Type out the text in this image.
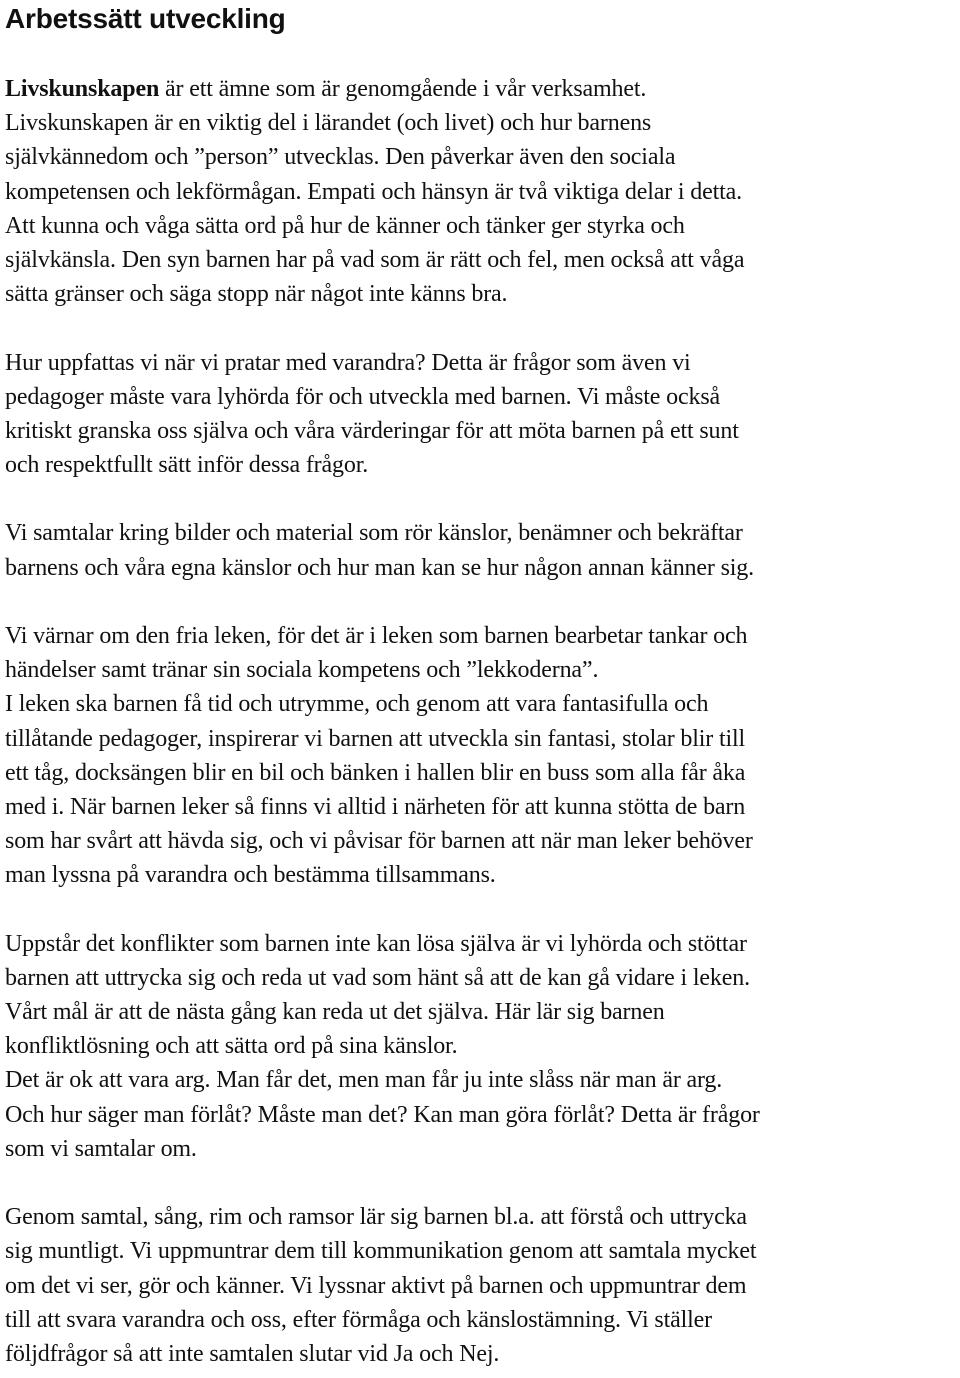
Arbetssätt utveckling
Livskunskapen är ett ämne som är genomgående i vår verksamhet.
Livskunskapen är en viktig del i lärandet (och livet) och hur barnens
självkännedom och ”person” utvecklas. Den påverkar även den sociala
kompetensen och lekförmågan. Empati och hänsyn är två viktiga delar i detta.
Att kunna och våga sätta ord på hur de känner och tänker ger styrka och
självkänsla. Den syn barnen har på vad som är rätt och fel, men också att våga
sätta gränser och säga stopp när något inte känns bra.
Hur uppfattas vi när vi pratar med varandra? Detta är frågor som även vi
pedagoger måste vara lyhörda för och utveckla med barnen. Vi måste också
kritiskt granska oss själva och våra värderingar för att möta barnen på ett sunt
och respektfullt sätt inför dessa frågor.
Vi samtalar kring bilder och material som rör känslor, benämner och bekräftar
barnens och våra egna känslor och hur man kan se hur någon annan känner sig.
Vi värnar om den fria leken, för det är i leken som barnen bearbetar tankar och
händelser samt tränar sin sociala kompetens och ”lekkoderna”.
I leken ska barnen få tid och utrymme, och genom att vara fantasifulla och
tillåtande pedagoger, inspirerar vi barnen att utveckla sin fantasi, stolar blir till
ett tåg, docksängen blir en bil och bänken i hallen blir en buss som alla får åka
med i. När barnen leker så finns vi alltid i närheten för att kunna stötta de barn
som har svårt att hävda sig, och vi påvisar för barnen att när man leker behöver
man lyssna på varandra och bestämma tillsammans.
Uppstår det konflikter som barnen inte kan lösa själva är vi lyhörda och stöttar
barnen att uttrycka sig och reda ut vad som hänt så att de kan gå vidare i leken.
Vårt mål är att de nästa gång kan reda ut det själva. Här lär sig barnen
konfliktlösning och att sätta ord på sina känslor.
Det är ok att vara arg. Man får det, men man får ju inte slåss när man är arg.
Och hur säger man förlåt? Måste man det? Kan man göra förlåt? Detta är frågor
som vi samtalar om.
Genom samtal, sång, rim och ramsor lär sig barnen bl.a. att förstå och uttrycka
sig muntligt. Vi uppmuntrar dem till kommunikation genom att samtala mycket
om det vi ser, gör och känner. Vi lyssnar aktivt på barnen och uppmuntrar dem
till att svara varandra och oss, efter förmåga och känslostämning. Vi ställer
följdfrågor så att inte samtalen slutar vid Ja och Nej.
